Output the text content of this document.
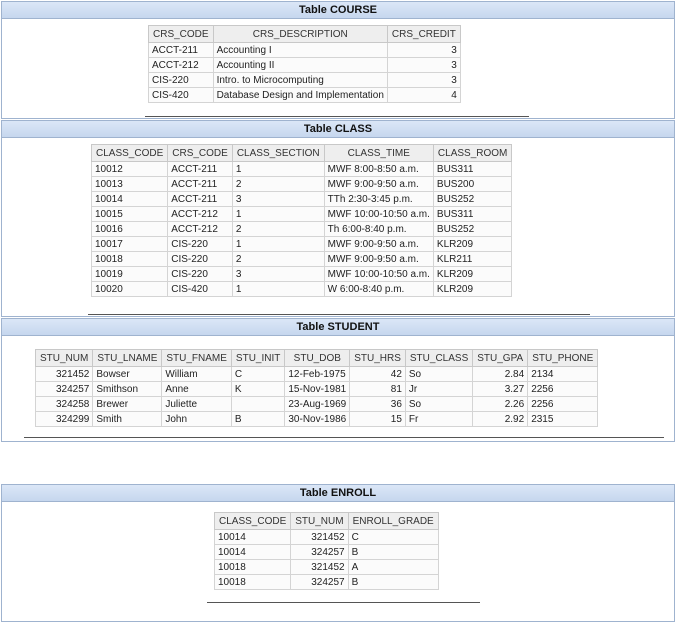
Table COURSE
CRS_CODE	CRS_DESCRIPTION	CRS_CREDIT
ACCT-211	Accounting I	3
ACCT-212	Accounting II	3
CIS-220	Intro. to Microcomputing	3
CIS-420	Database Design and Implementation	4
Table CLASS
CLASS_CODE	CRS_CODE	CLASS_SECTION	CLASS_TIME	CLASS_ROOM
10012	ACCT-211	1	MWF 8:00-8:50 a.m.	BUS311
10013	ACCT-211	2	MWF 9:00-9:50 a.m.	BUS200
10014	ACCT-211	3	TTh 2:30-3:45 p.m.	BUS252
10015	ACCT-212	1	MWF 10:00-10:50 a.m.	BUS311
10016	ACCT-212	2	Th 6:00-8:40 p.m.	BUS252
10017	CIS-220	1	MWF 9:00-9:50 a.m.	KLR209
10018	CIS-220	2	MWF 9:00-9:50 a.m.	KLR211
10019	CIS-220	3	MWF 10:00-10:50 a.m.	KLR209
10020	CIS-420	1	W 6:00-8:40 p.m.	KLR209
Table STUDENT
STU_NUM	STU_LNAME	STU_FNAME	STU_INIT	STU_DOB	STU_HRS	STU_CLASS	STU_GPA	STU_PHONE
321452	Bowser	William	C	12-Feb-1975	42	So	2.84	2134
324257	Smithson	Anne	K	15-Nov-1981	81	Jr	3.27	2256
324258	Brewer	Juliette		23-Aug-1969	36	So	2.26	2256
324299	Smith	John	B	30-Nov-1986	15	Fr	2.92	2315
Table ENROLL
CLASS_CODE	STU_NUM	ENROLL_GRADE
10014	321452	C
10014	324257	B
10018	321452	A
10018	324257	B
